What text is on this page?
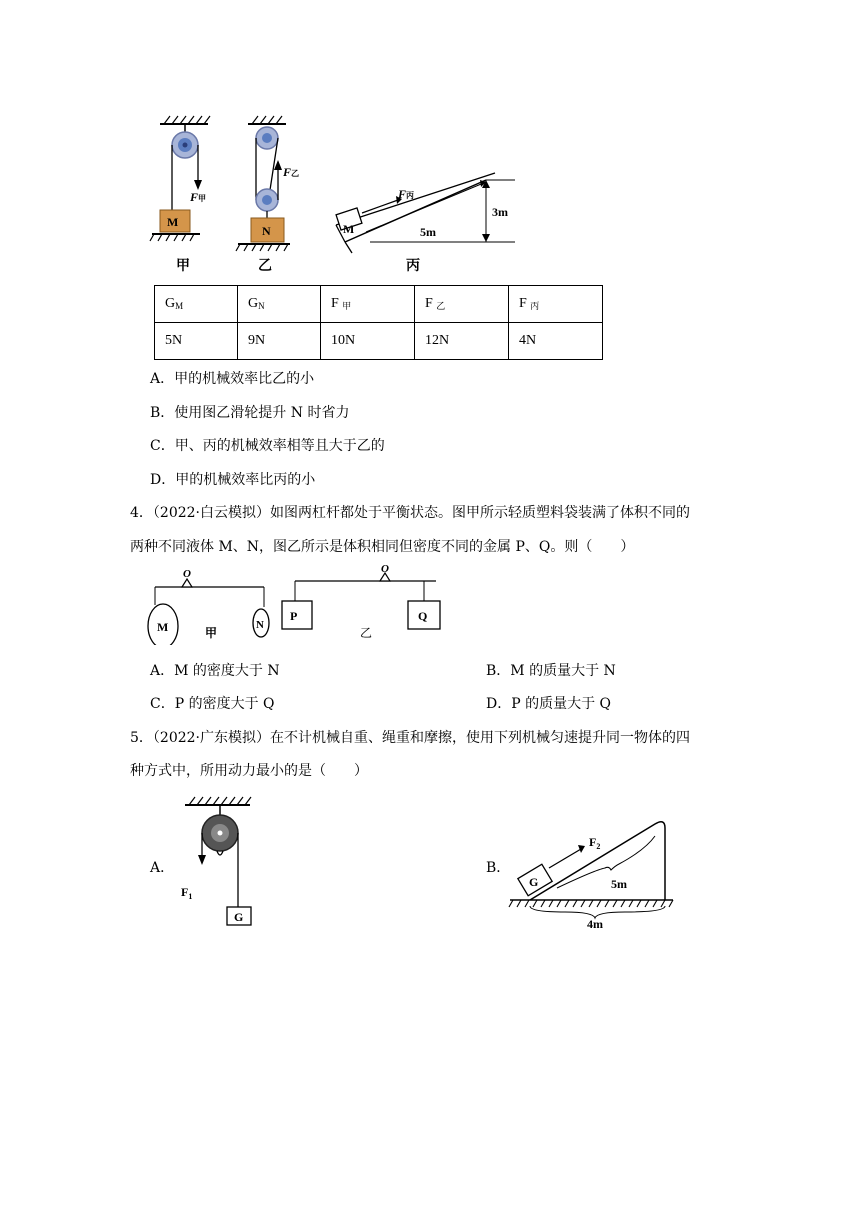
M
F甲
甲
N
F乙
乙
M
F丙
5m
3m
丙
$G_M$	$G_N$	F $_甲$	F $_乙$	F $_丙$
5N	9N	10N	12N	4N
A．甲的机械效率比乙的小
B．使用图乙滑轮提升 N 时省力
C．甲、丙的机械效率相等且大于乙的
D．甲的机械效率比丙的小
4．（2022·白云模拟）如图两杠杆都处于平衡状态。图甲所示轻质塑料袋装满了体积不同的
两种不同液体 M、N，图乙所示是体积相同但密度不同的金属 P、Q。则（　　）
O
M	N
甲
O
P	Q
乙
A．M 的密度大于 N	B．M 的质量大于 N
C．P 的密度大于 Q	D．P 的质量大于 Q
5．（2022·广东模拟）在不计机械自重、绳重和摩擦，使用下列机械匀速提升同一物体的四
种方式中，所用动力最小的是（　　）
A．
G
$F_1$
B．
G
$F_2$
5m
4m
